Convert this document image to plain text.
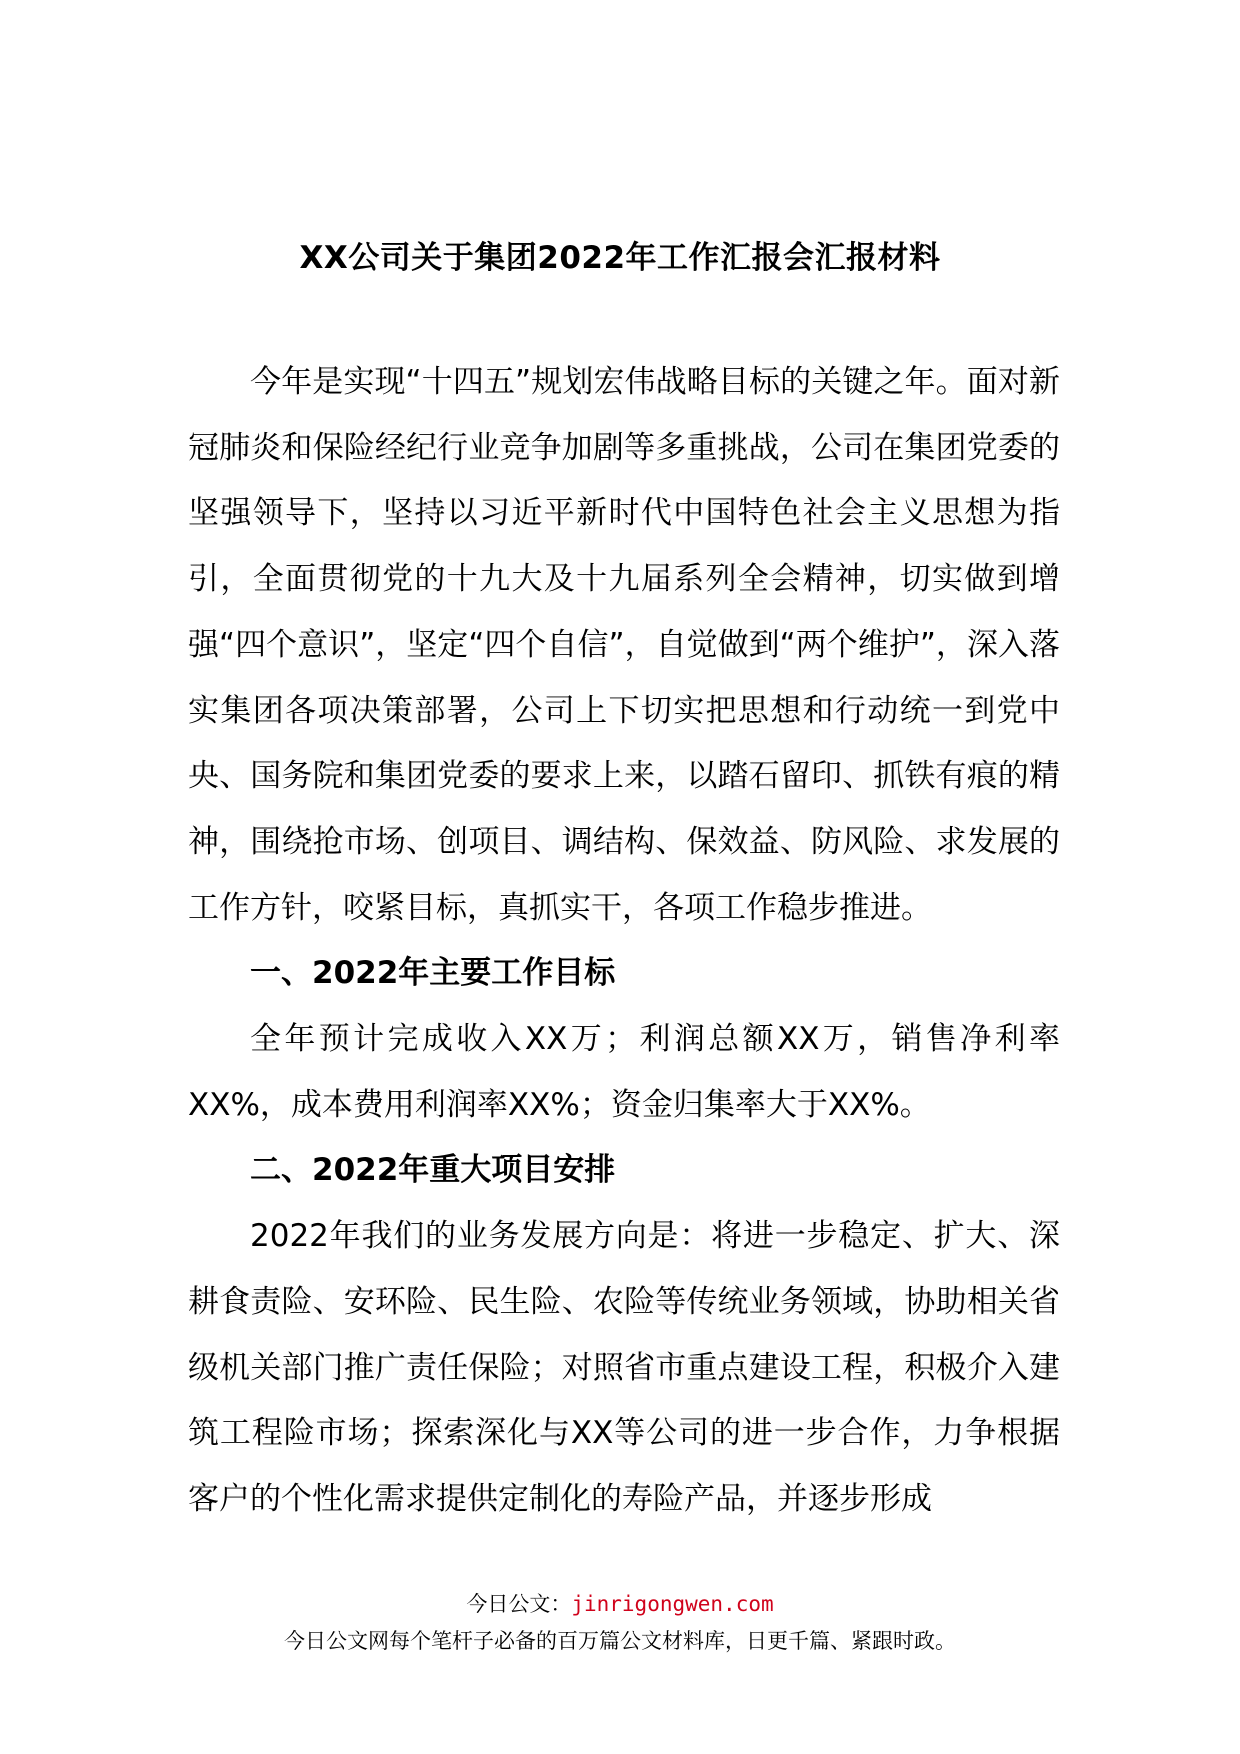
XX公司关于集团2022年工作汇报会汇报材料

今年是实现“十四五”规划宏伟战略目标的关键之年。面对新冠肺炎和保险经纪行业竞争加剧等多重挑战，公司在集团党委的坚强领导下，坚持以习近平新时代中国特色社会主义思想为指引，全面贯彻党的十九大及十九届系列全会精神，切实做到增强“四个意识”，坚定“四个自信”，自觉做到“两个维护”，深入落实集团各项决策部署，公司上下切实把思想和行动统一到党中央、国务院和集团党委的要求上来，以踏石留印、抓铁有痕的精神，围绕抢市场、创项目、调结构、保效益、防风险、求发展的工作方针，咬紧目标，真抓实干，各项工作稳步推进。

一、2022年主要工作目标

全年预计完成收入XX万；利润总额XX万，销售净利率XX%，成本费用利润率XX%；资金归集率大于XX%。

二、2022年重大项目安排

2022年我们的业务发展方向是：将进一步稳定、扩大、深耕食责险、安环险、民生险、农险等传统业务领域，协助相关省级机关部门推广责任保险；对照省市重点建设工程，积极介入建筑工程险市场；探索深化与XX等公司的进一步合作，力争根据客户的个性化需求提供定制化的寿险产品，并逐步形成

今日公文：jinrigongwen.com
今日公文网每个笔杆子必备的百万篇公文材料库，日更千篇、紧跟时政。
